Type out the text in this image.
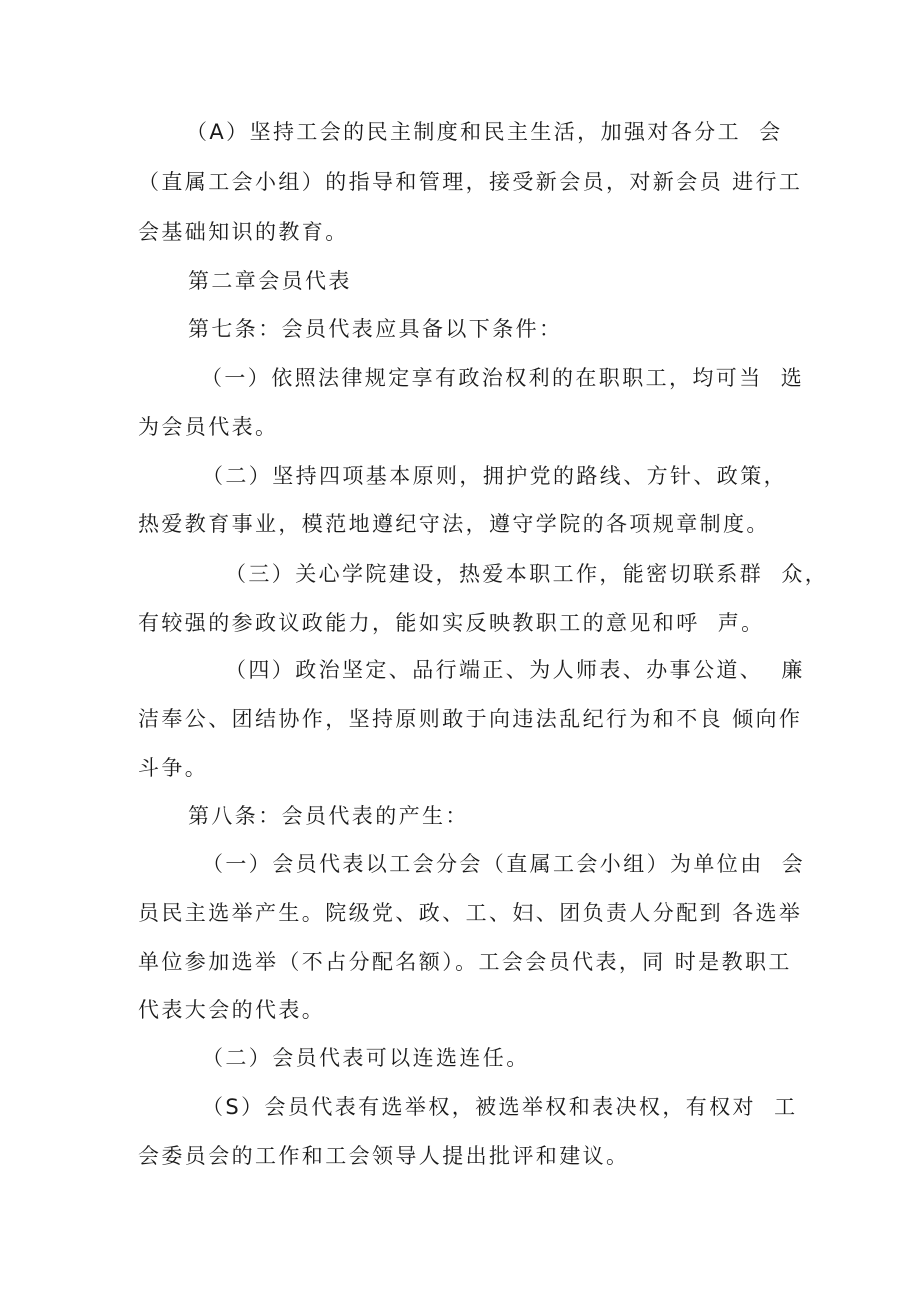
（A）坚持工会的民主制度和民主生活，加强对各分工  会
（直属工会小组）的指导和管理，接受新会员，对新会员 进行工
会基础知识的教育。
第二章会员代表
第七条：会员代表应具备以下条件：
（一）依照法律规定享有政治权利的在职职工，均可当  选
为会员代表。
（二）坚持四项基本原则，拥护党的路线、方针、政策，
热爱教育事业，模范地遵纪守法，遵守学院的各项规章制度。
（三）关心学院建设，热爱本职工作，能密切联系群  众，
有较强的参政议政能力，能如实反映教职工的意见和呼  声。
（四）政治坚定、品行端正、为人师表、办事公道、  廉
洁奉公、团结协作，坚持原则敢于向违法乱纪行为和不良 倾向作
斗争。
第八条：会员代表的产生：
（一）会员代表以工会分会（直属工会小组）为单位由  会
员民主选举产生。院级党、政、工、妇、团负责人分配到 各选举
单位参加选举（不占分配名额）。工会会员代表，同 时是教职工
代表大会的代表。
（二）会员代表可以连选连任。
（S）会员代表有选举权，被选举权和表决权，有权对  工
会委员会的工作和工会领导人提出批评和建议。
